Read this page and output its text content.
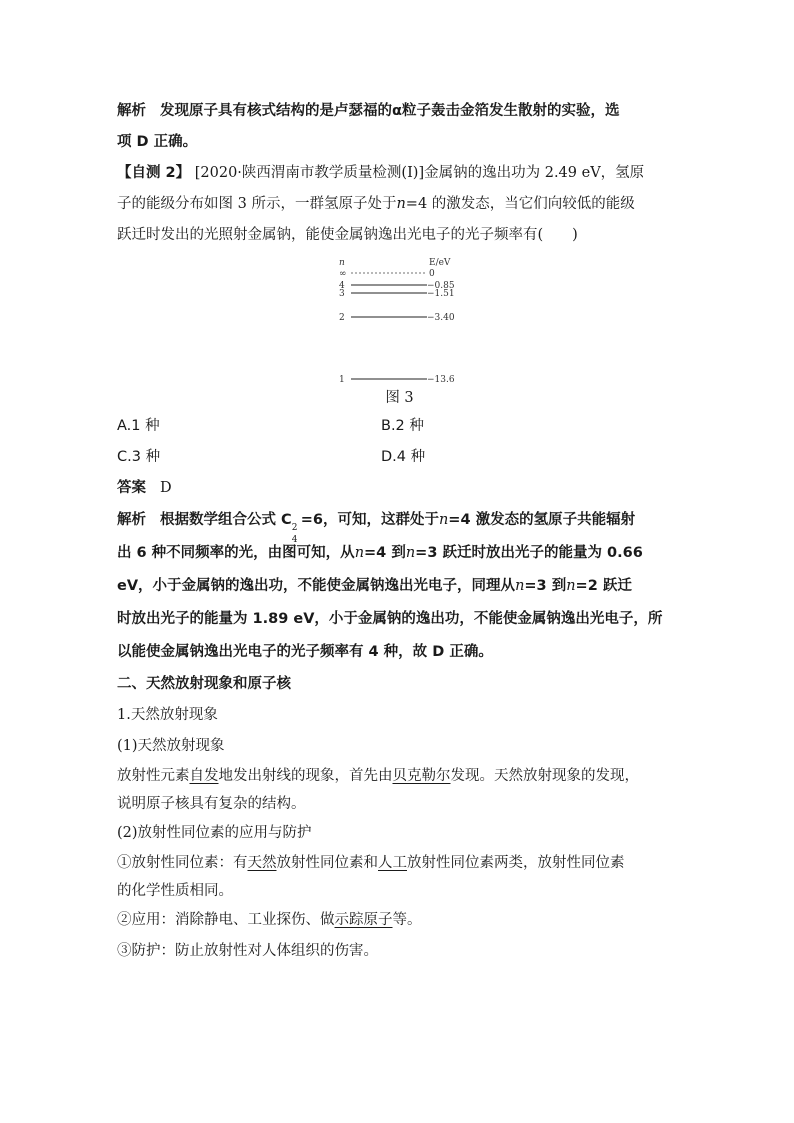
解析 发现原子具有核式结构的是卢瑟福的α粒子轰击金箔发生散射的实验，选
项 D 正确。
【自测 2】 [2020·陕西渭南市教学质量检测(Ⅰ)]金属钠的逸出功为 2.49 eV，氢原
子的能级分布如图 3 所示，一群氢原子处于n=4 的激发态，当它们向较低的能级
跃迁时发出的光照射金属钠，能使金属钠逸出光电子的光子频率有(　　)
n	E/eV
∞	0
4	−0.85
3	−1.51
2	−3.40
1	−13.6
图 3
A.1 种	B.2 种
C.3 种	D.4 种
答案 D
解析 根据数学组合公式 C 2
4
=6，可知，这群处于n=4 激发态的氢原子共能辐射
出 6 种不同频率的光，由图可知，从n=4 到n=3 跃迁时放出光子的能量为 0.66
eV，小于金属钠的逸出功，不能使金属钠逸出光电子，同理从n=3 到n=2 跃迁
时放出光子的能量为 1.89 eV，小于金属钠的逸出功，不能使金属钠逸出光电子，所
以能使金属钠逸出光电子的光子频率有 4 种，故 D 正确。
二、天然放射现象和原子核
1.天然放射现象
(1)天然放射现象
放射性元素自发地发出射线的现象，首先由贝克勒尔发现。天然放射现象的发现，
说明原子核具有复杂的结构。
(2)放射性同位素的应用与防护
①放射性同位素：有天然放射性同位素和人工放射性同位素两类，放射性同位素
的化学性质相同。
②应用：消除静电、工业探伤、做示踪原子等。
③防护：防止放射性对人体组织的伤害。
